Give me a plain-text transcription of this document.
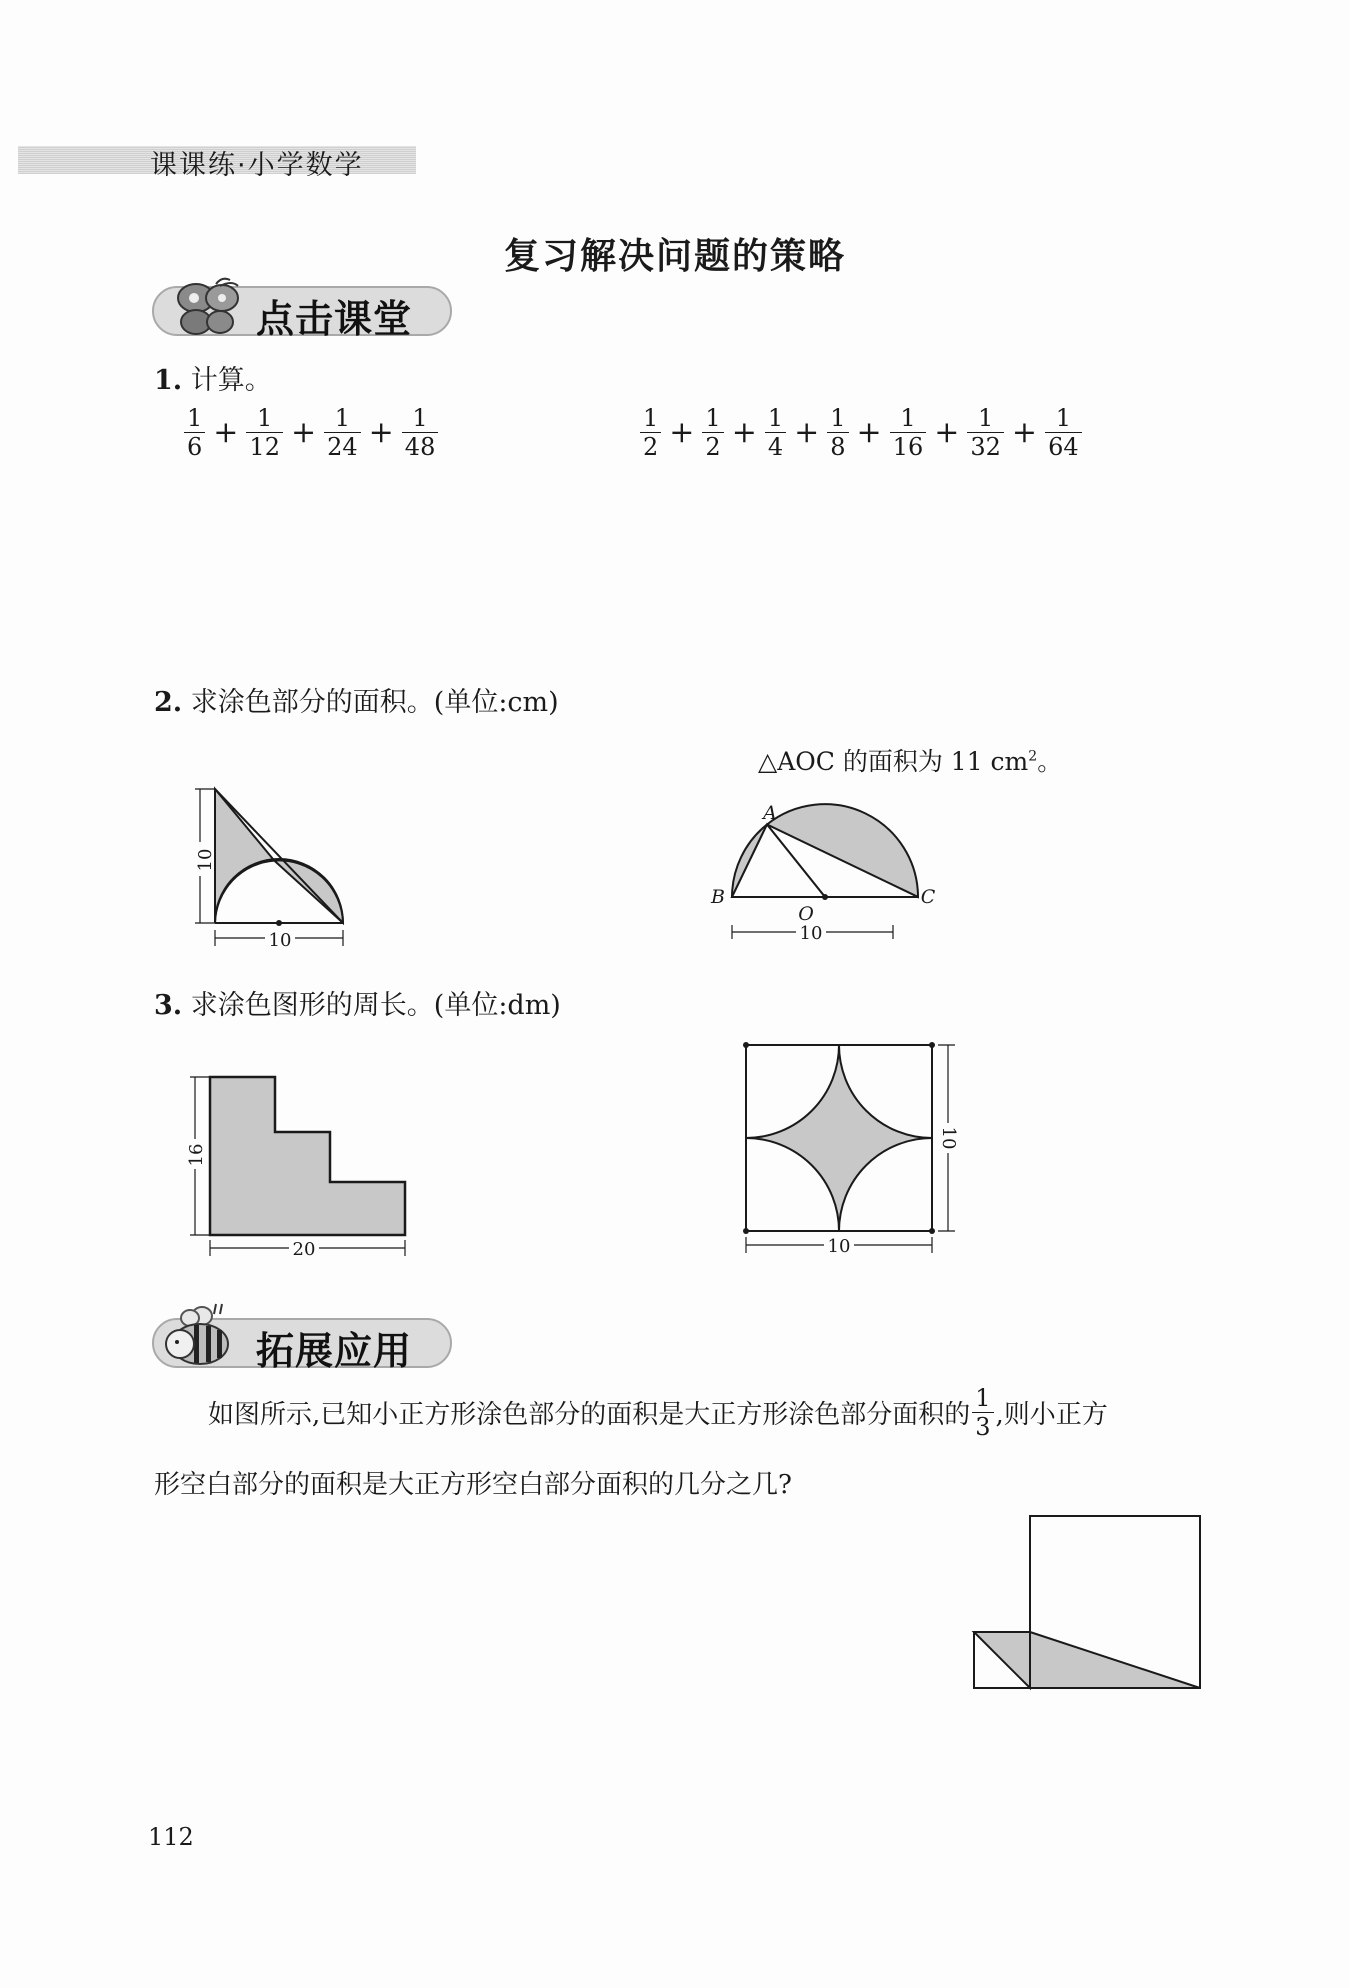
课课练·小学数学
复习解决问题的策略
点击课堂
1. 计算。
$\frac{1}{6} + \frac{1}{12} + \frac{1}{24} + \frac{1}{48}$	$\frac{1}{2} + \frac{1}{2} + \frac{1}{4} + \frac{1}{8} + \frac{1}{16} + \frac{1}{32} + \frac{1}{64}$
2. 求涂色部分的面积。(单位:cm)
△AOC 的面积为 11 $cm^2$。
10
10
A
B	C
O
10
3. 求涂色图形的周长。(单位:dm)
20
16
10
10
拓展应用
如图所示,已知小正方形涂色部分的面积是大正方形涂色部分面积的 $\frac{1}{3}$ ,则小正方
形空白部分的面积是大正方形空白部分面积的几分之几?
112
